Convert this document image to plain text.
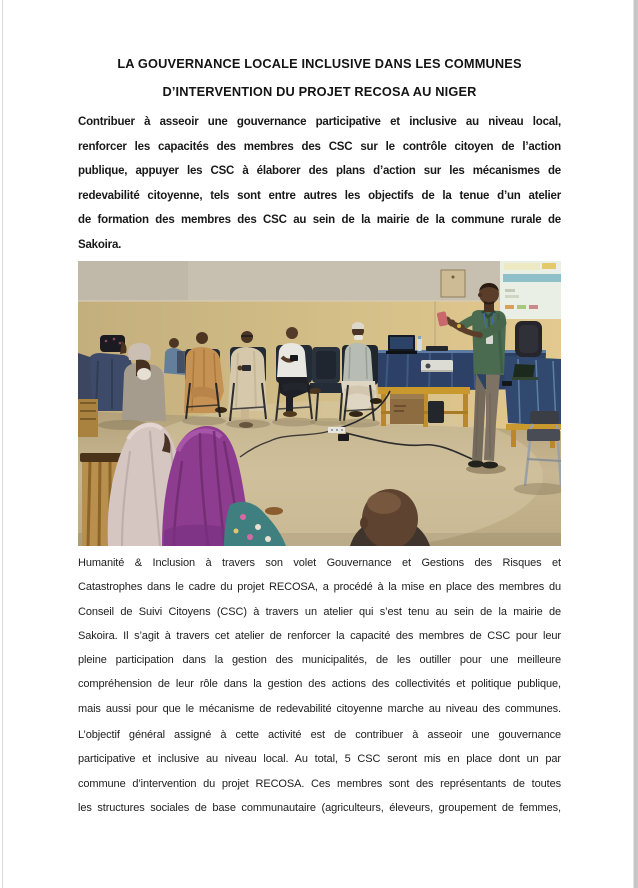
LA GOUVERNANCE LOCALE INCLUSIVE DANS LES COMMUNES
D’INTERVENTION DU PROJET RECOSA AU NIGER
Contribuer à asseoir une gouvernance participative et inclusive au niveau local,
renforcer les capacités des membres des CSC sur le contrôle citoyen de l’action
publique, appuyer les CSC à élaborer des plans d’action sur les mécanismes de
redevabilité citoyenne, tels sont entre autres les objectifs de la tenue d’un atelier
de formation des membres des CSC au sein de la mairie de la commune rurale de
Sakoira.
Humanité & Inclusion à travers son volet Gouvernance et Gestions des Risques et
Catastrophes dans le cadre du projet RECOSA, a procédé à la mise en place des membres du
Conseil de Suivi Citoyens (CSC) à travers un atelier qui s’est tenu au sein de la mairie de
Sakoira. Il s’agit à travers cet atelier de renforcer la capacité des membres de CSC pour leur
pleine participation dans la gestion des municipalités, de les outiller pour une meilleure
compréhension de leur rôle dans la gestion des actions des collectivités et politique publique,
mais aussi pour que le mécanisme de redevabilité citoyenne marche au niveau des communes.
L’objectif général assigné à cette activité est de contribuer à asseoir une gouvernance
participative et inclusive au niveau local. Au total, 5 CSC seront mis en place dont un par
commune d’intervention du projet RECOSA. Ces membres sont des représentants de toutes
les structures sociales de base communautaire (agriculteurs, éleveurs, groupement de femmes,
